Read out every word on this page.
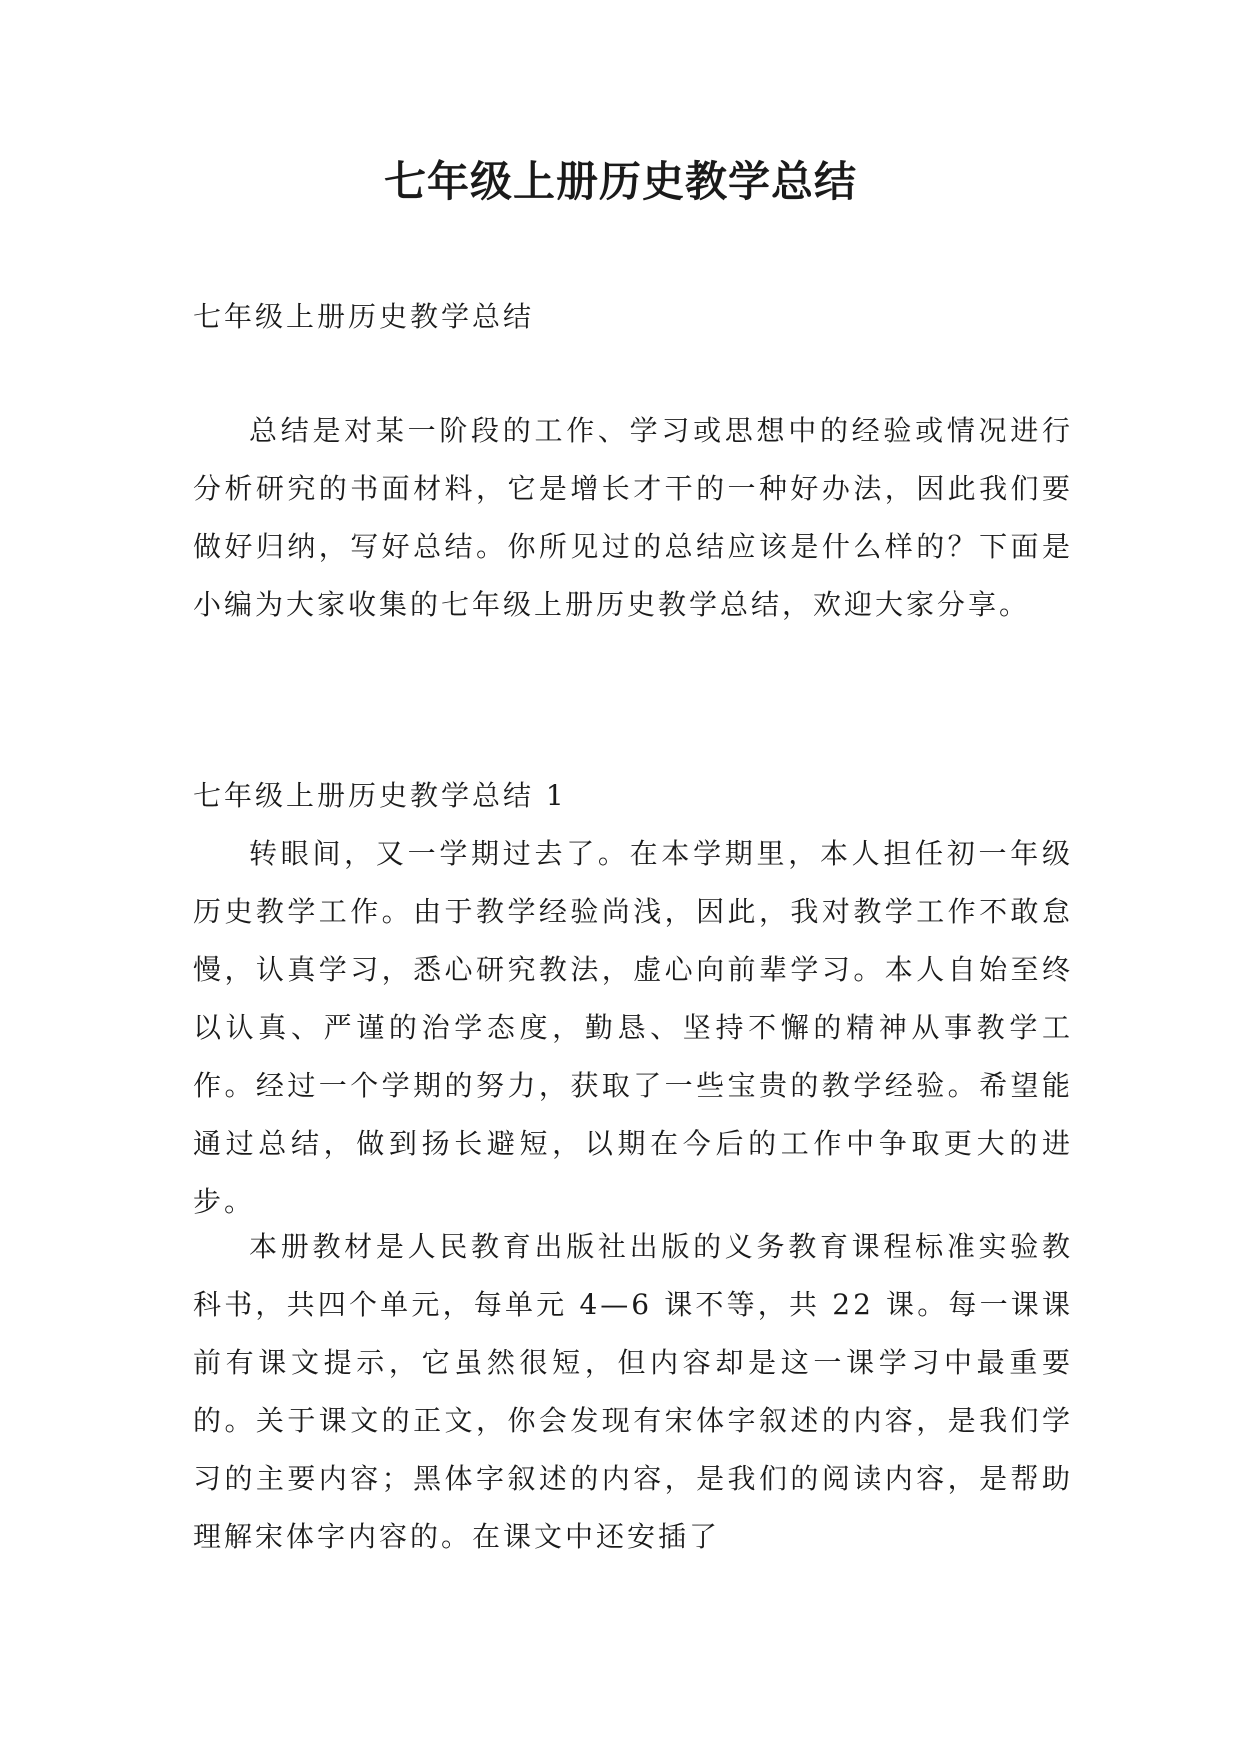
七年级上册历史教学总结

七年级上册历史教学总结

总结是对某一阶段的工作、学习或思想中的经验或情况进行分析研究的书面材料，它是增长才干的一种好办法，因此我们要做好归纳，写好总结。你所见过的总结应该是什么样的？下面是小编为大家收集的七年级上册历史教学总结，欢迎大家分享。

七年级上册历史教学总结 1

转眼间，又一学期过去了。在本学期里，本人担任初一年级历史教学工作。由于教学经验尚浅，因此，我对教学工作不敢怠慢，认真学习，悉心研究教法，虚心向前辈学习。本人自始至终以认真、严谨的治学态度，勤恳、坚持不懈的精神从事教学工作。经过一个学期的努力，获取了一些宝贵的教学经验。希望能通过总结，做到扬长避短，以期在今后的工作中争取更大的进步。

本册教材是人民教育出版社出版的义务教育课程标准实验教科书，共四个单元，每单元 4—6 课不等，共 22 课。每一课课前有课文提示，它虽然很短，但内容却是这一课学习中最重要的。关于课文的正文，你会发现有宋体字叙述的内容，是我们学习的主要内容；黑体字叙述的内容，是我们的阅读内容，是帮助理解宋体字内容的。在课文中还安插了
